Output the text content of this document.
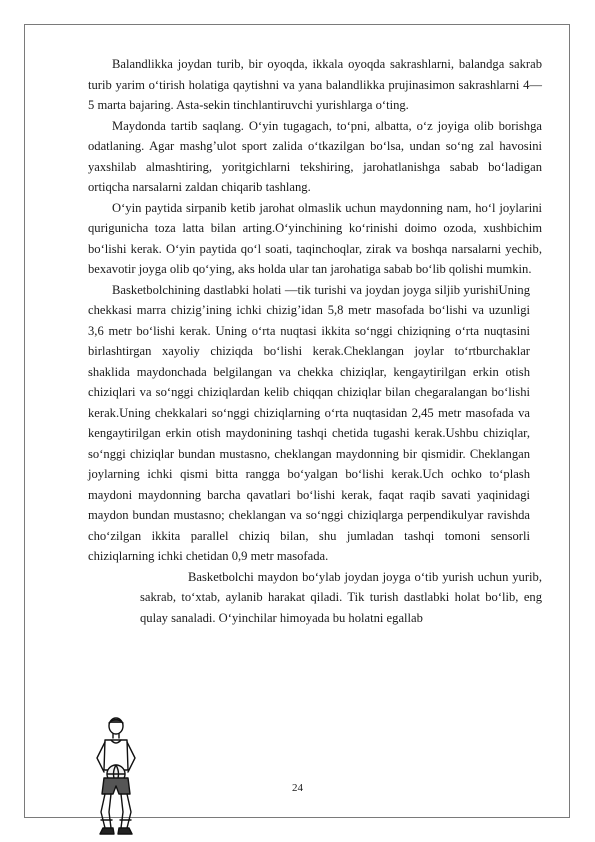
Balandlikka joydan turib, bir oyoqda, ikkala oyoqda sakrashlarni, balandga sakrab turib yarim o‘tirish holatiga qaytishni va yana balandlikka prujinasimon sakrashlarni 4—5 marta bajaring. Asta-sekin tinchlantiruvchi yurishlarga o‘ting.

Maydonda tartib saqlang. O‘yin tugagach, to‘pni, albatta, o‘z joyiga olib borishga odatlaning. Agar mashg’ulot sport zalida o‘tkazilgan bo‘lsa, undan so‘ng zal havosini yaxshilab almashtiring, yoritgichlarni tekshiring, jarohatlanishga sabab bo‘ladigan ortiqcha narsalarni zaldan chiqarib tashlang.

O‘yin paytida sirpanib ketib jarohat olmaslik uchun maydonning nam, ho‘l joylarini qurigunicha toza latta bilan arting.O‘yinchining ko‘rinishi doimo ozoda, xushbichim bo‘lishi kerak. O‘yin paytida qo‘l soati, taqinchoqlar, zirak va boshqa narsalarni yechib, bexavotir joyga olib qo‘ying, aks holda ular tan jarohatiga sabab bo‘lib qolishi mumkin.

Basketbolchining dastlabki holati —tik turishi va joydan joyga siljib yurishiUning chekkasi marra chizig’ining ichki chizig’idan 5,8 metr masofada bo‘lishi va uzunligi 3,6 metr bo‘lishi kerak. Uning o‘rta nuqtasi ikkita so‘nggi chiziqning o‘rta nuqtasini birlashtirgan xayoliy chiziqda bo‘lishi kerak.Cheklangan joylar to‘rtburchaklar shaklida maydonchada belgilangan va chekka chiziqlar, kengaytirilgan erkin otish chiziqlari va so‘nggi chiziqlardan kelib chiqqan chiziqlar bilan chegaralangan bo‘lishi kerak.Uning chekkalari so‘nggi chiziqlarning o‘rta nuqtasidan 2,45 metr masofada va kengaytirilgan erkin otish maydonining tashqi chetida tugashi kerak.Ushbu chiziqlar, so‘nggi chiziqlar bundan mustasno, cheklangan maydonning bir qismidir. Cheklangan joylarning ichki qismi bitta rangga bo‘yalgan bo‘lishi kerak.Uch ochko to‘plash maydoni maydonning barcha qavatlari bo‘lishi kerak, faqat raqib savati yaqinidagi maydon bundan mustasno; cheklangan va so‘nggi chiziqlarga perpendikulyar ravishda cho‘zilgan ikkita parallel chiziq bilan, shu jumladan tashqi tomoni sensorli chiziqlarning ichki chetidan 0,9 metr masofada.

Basketbolchi maydon bo‘ylab joydan joyga o‘tib yurish uchun yurib, sakrab, to‘xtab, aylanib harakat qiladi. Tik turish dastlabki holat bo‘lib, eng qulay sanaladi. O‘yinchilar himoyada bu holatni egallab

24
